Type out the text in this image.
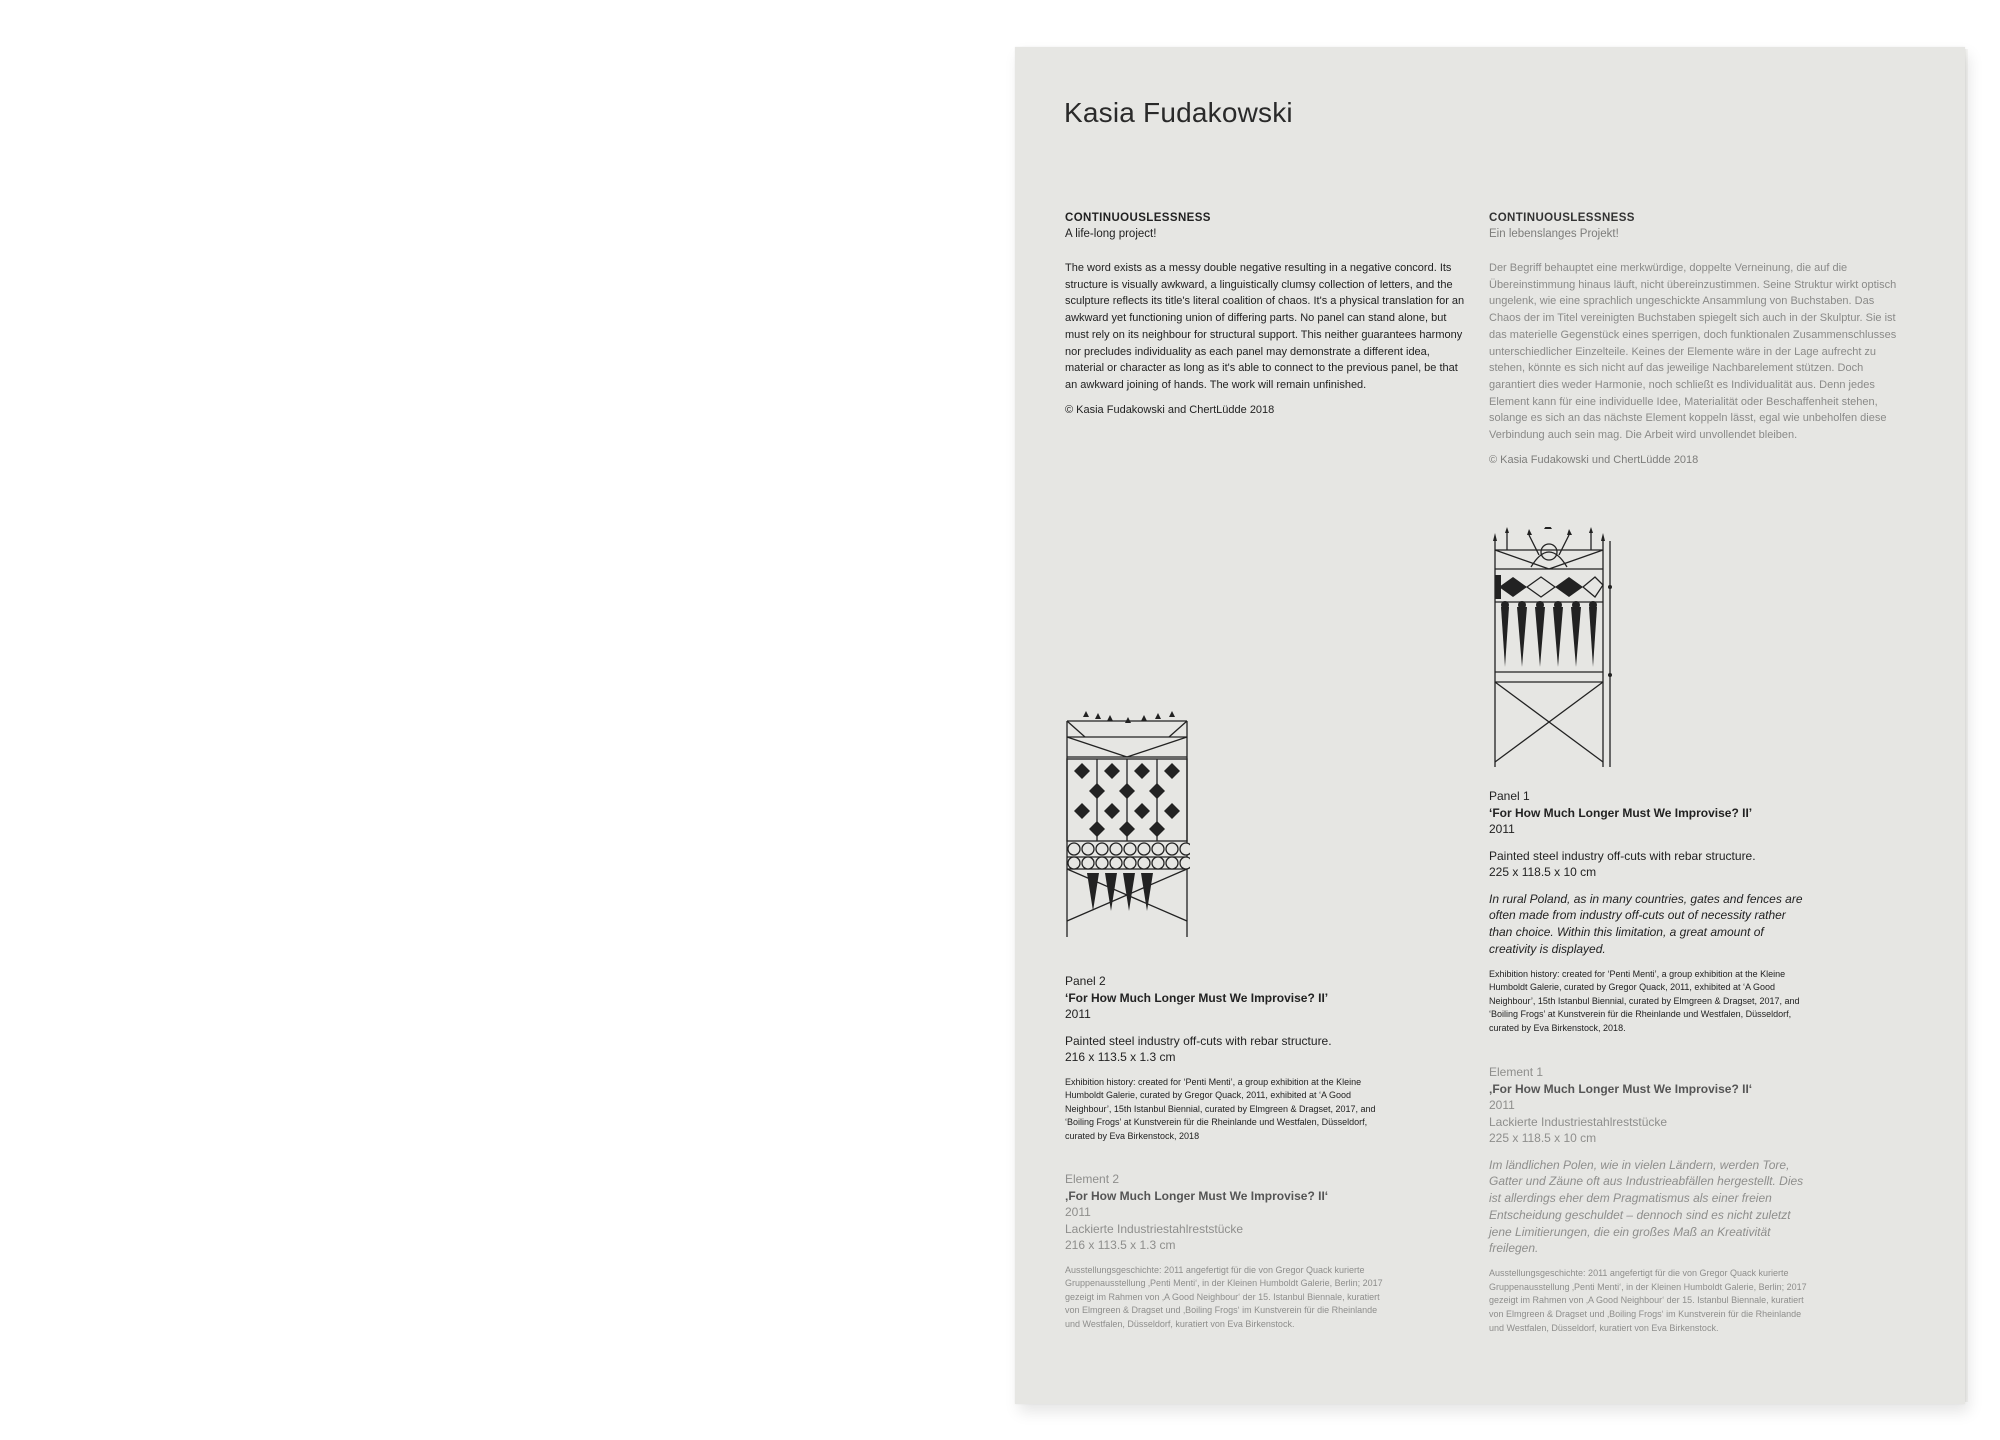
Kasia Fudakowski

CONTINUOUSLESSNESS

A life-long project!

The word exists as a messy double negative resulting in a negative concord. Its structure is visually awkward, a linguistically clumsy collection of letters, and the sculpture reflects its title's literal coalition of chaos. It's a physical translation for an awkward yet functioning union of differing parts. No panel can stand alone, but must rely on its neighbour for structural support. This neither guarantees harmony nor precludes individuality as each panel may demonstrate a different idea, material or character as long as it's able to connect to the previous panel, be that an awkward joining of hands. The work will remain unfinished.

© Kasia Fudakowski and ChertLüdde 2018

CONTINUOUSLESSNESS

Ein lebenslanges Projekt!

Der Begriff behauptet eine merkwürdige, doppelte Verneinung, die auf die Übereinstimmung hinaus läuft, nicht übereinzustimmen. Seine Struktur wirkt optisch ungelenk, wie eine sprachlich ungeschickte Ansammlung von Buchstaben. Das Chaos der im Titel vereinigten Buchstaben spiegelt sich auch in der Skulptur. Sie ist das materielle Gegenstück eines sperrigen, doch funktionalen Zusammenschlusses unterschiedlicher Einzelteile. Keines der Elemente wäre in der Lage aufrecht zu stehen, könnte es sich nicht auf das jeweilige Nachbarelement stützen. Doch garantiert dies weder Harmonie, noch schließt es Individualität aus. Denn jedes Element kann für eine individuelle Idee, Materialität oder Beschaffenheit stehen, solange es sich an das nächste Element koppeln lässt, egal wie unbeholfen diese Verbindung auch sein mag. Die Arbeit wird unvollendet bleiben.

© Kasia Fudakowski und ChertLüdde 2018

Panel 1

‘For How Much Longer Must We Improvise? II’

2011

Painted steel industry off-cuts with rebar structure.

225 x 118.5 x 10 cm

In rural Poland, as in many countries, gates and fences are often made from industry off-cuts out of necessity rather than choice. Within this limitation, a great amount of creativity is displayed.

Exhibition history: created for ‘Penti Menti’, a group exhibition at the Kleine Humboldt Galerie, curated by Gregor Quack, 2011, exhibited at ‘A Good Neighbour’, 15th Istanbul Biennial, curated by Elmgreen & Dragset, 2017, and ‘Boiling Frogs’ at Kunstverein für die Rheinlande und Westfalen, Düsseldorf, curated by Eva Birkenstock, 2018.

Element 1

‚For How Much Longer Must We Improvise? II‘

2011

Lackierte Industriestahlreststücke

225 x 118.5 x 10 cm

Im ländlichen Polen, wie in vielen Ländern, werden Tore, Gatter und Zäune oft aus Industrieabfällen hergestellt. Dies ist allerdings eher dem Pragmatismus als einer freien Entscheidung geschuldet – dennoch sind es nicht zuletzt jene Limitierungen, die ein großes Maß an Kreativität freilegen.

Ausstellungsgeschichte: 2011 angefertigt für die von Gregor Quack kurierte Gruppenausstellung ‚Penti Menti‘, in der Kleinen Humboldt Galerie, Berlin; 2017 gezeigt im Rahmen von ‚A Good Neighbour‘ der 15. Istanbul Biennale, kuratiert von Elmgreen & Dragset und ‚Boiling Frogs‘ im Kunstverein für die Rheinlande und Westfalen, Düsseldorf, kuratiert von Eva Birkenstock.

Panel 2

‘For How Much Longer Must We Improvise? II’

2011

Painted steel industry off-cuts with rebar structure.

216 x 113.5 x 1.3 cm

Exhibition history: created for ‘Penti Menti’, a group exhibition at the Kleine Humboldt Galerie, curated by Gregor Quack, 2011, exhibited at ‘A Good Neighbour’, 15th Istanbul Biennial, curated by Elmgreen & Dragset, 2017, and ‘Boiling Frogs’ at Kunstverein für die Rheinlande und Westfalen, Düsseldorf, curated by Eva Birkenstock, 2018

Element 2

‚For How Much Longer Must We Improvise? II‘

2011

Lackierte Industriestahlreststücke

216 x 113.5 x 1.3 cm

Ausstellungsgeschichte: 2011 angefertigt für die von Gregor Quack kurierte Gruppenausstellung ‚Penti Menti‘, in der Kleinen Humboldt Galerie, Berlin; 2017 gezeigt im Rahmen von ‚A Good Neighbour‘ der 15. Istanbul Biennale, kuratiert von Elmgreen & Dragset und ‚Boiling Frogs‘ im Kunstverein für die Rheinlande und Westfalen, Düsseldorf, kuratiert von Eva Birkenstock.
